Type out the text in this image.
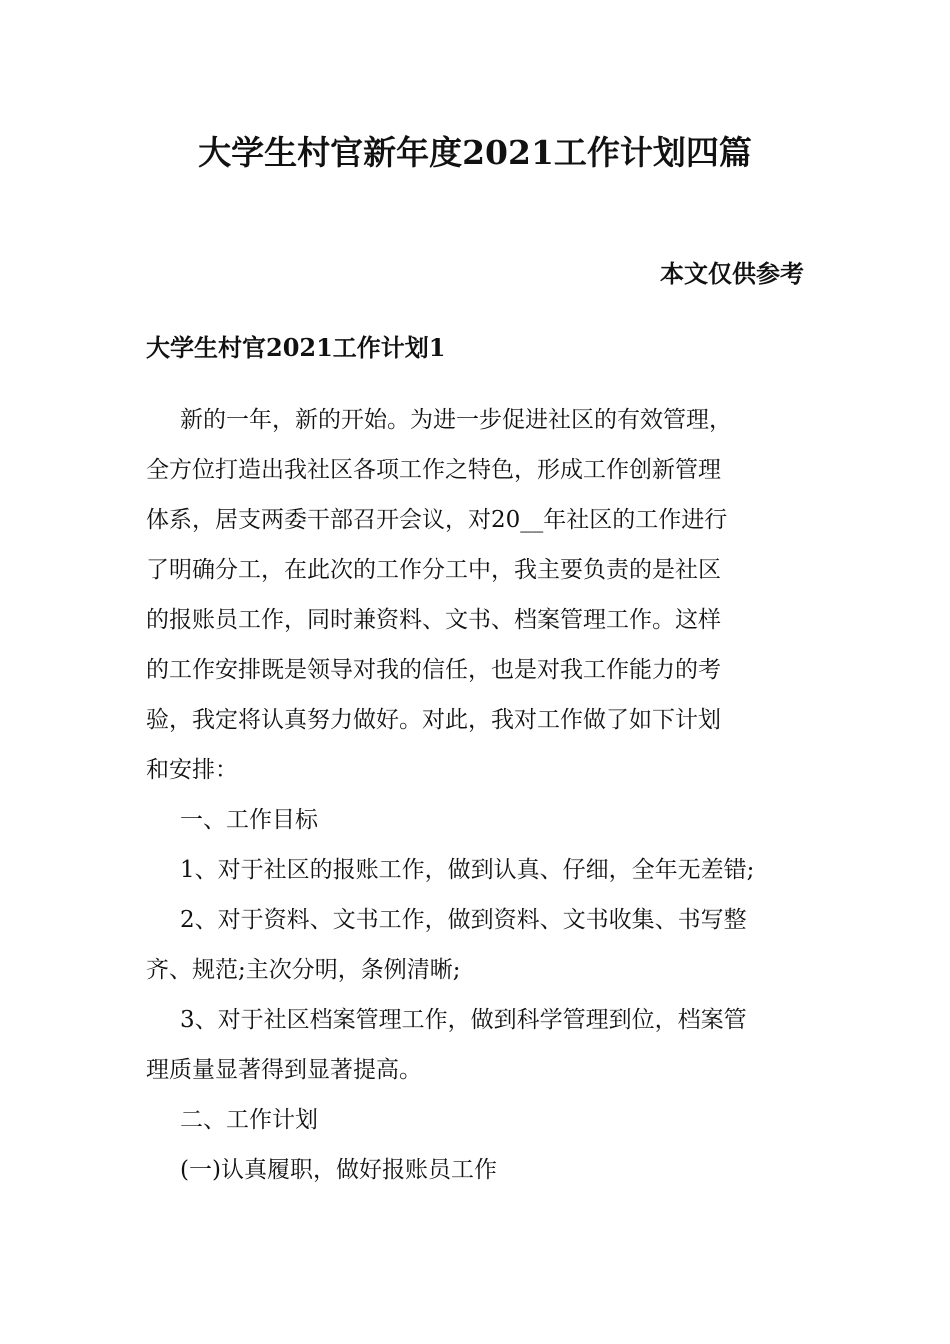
大学生村官新年度2021工作计划四篇
本文仅供参考
大学生村官2021工作计划1
新的一年，新的开始。为进一步促进社区的有效管理，
全方位打造出我社区各项工作之特色，形成工作创新管理
体系，居支两委干部召开会议，对20__年社区的工作进行
了明确分工，在此次的工作分工中，我主要负责的是社区
的报账员工作，同时兼资料、文书、档案管理工作。这样
的工作安排既是领导对我的信任，也是对我工作能力的考
验，我定将认真努力做好。对此，我对工作做了如下计划
和安排：
一、工作目标
1、对于社区的报账工作，做到认真、仔细，全年无差错;
2、对于资料、文书工作，做到资料、文书收集、书写整
齐、规范;主次分明，条例清晰;
3、对于社区档案管理工作，做到科学管理到位，档案管
理质量显著得到显著提高。
二、工作计划
(一)认真履职，做好报账员工作
